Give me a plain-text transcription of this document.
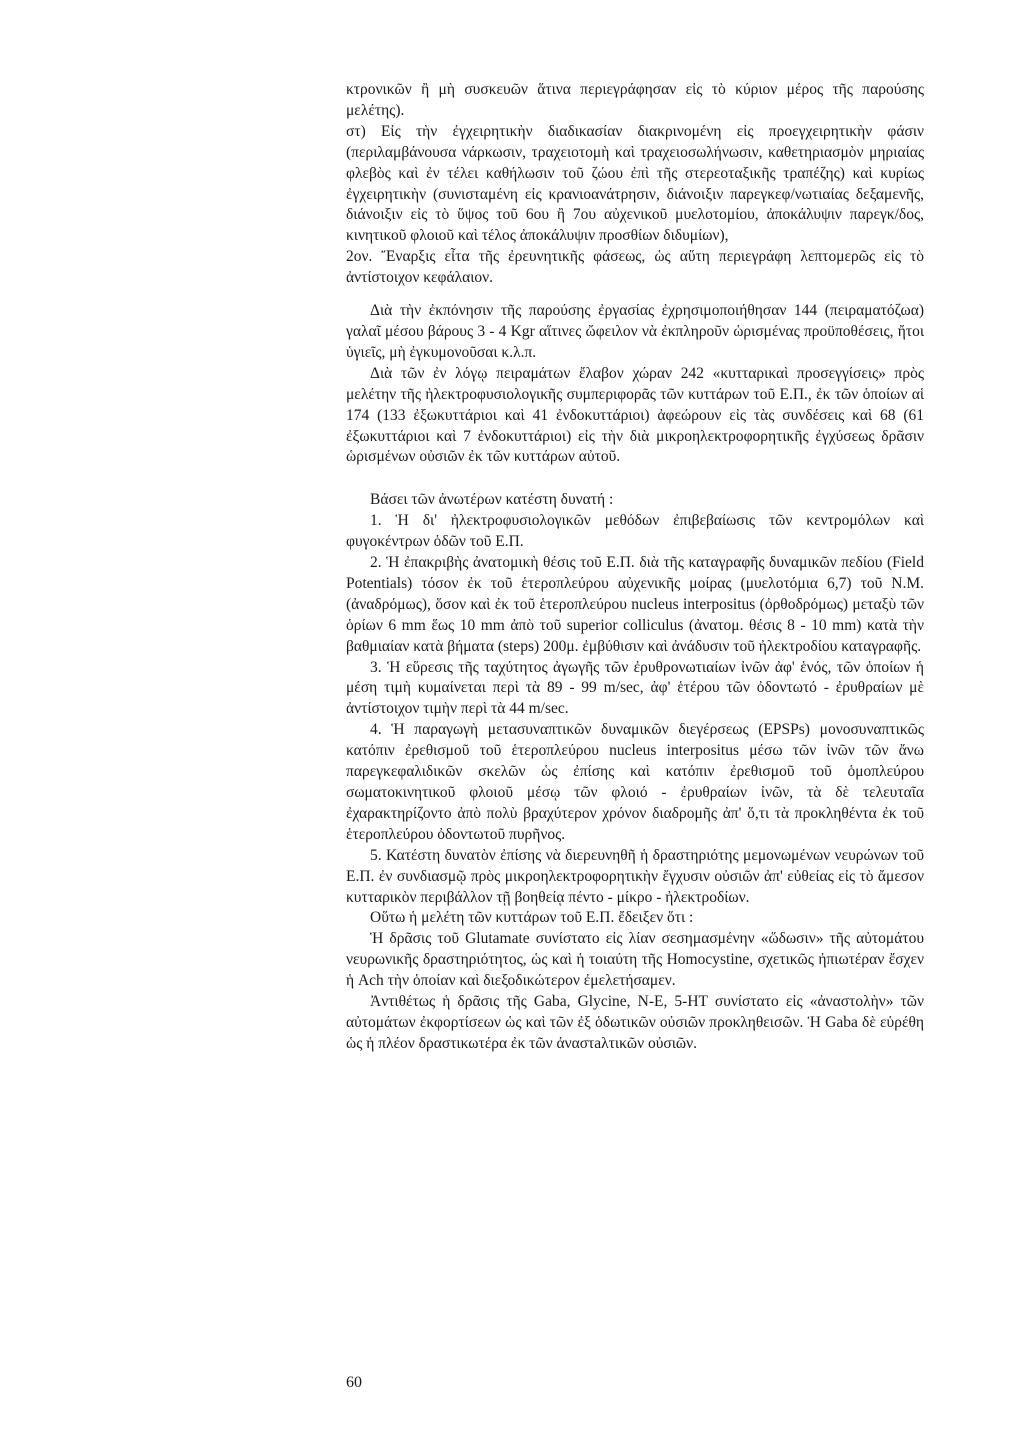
κτρονικῶν ἢ μὴ συσκευῶν ἅτινα περιεγράφησαν εἰς τὸ κύριον μέρος τῆς παρούσης μελέτης).

στ) Εἰς τὴν ἐγχειρητικὴν διαδικασίαν διακρινομένη εἰς προεγχειρητικὴν φάσιν (περιλαμβάνουσα νάρκωσιν, τραχειοτομὴ καὶ τραχειοσωλήνωσιν, καθετηριασμὸν μηριαίας φλεβὸς καὶ ἐν τέλει καθήλωσιν τοῦ ζώου ἐπὶ τῆς στερεοταξικῆς τραπέζης) καὶ κυρίως ἐγχειρητικὴν (συνισταμένη εἰς κρανιοανάτρησιν, διάνοιξιν παρεγκεφ/νωτιαίας δεξαμενῆς, διάνοιξιν εἰς τὸ ὕψος τοῦ 6ου ἢ 7ου αὐχενικοῦ μυελοτομίου, ἀποκάλυψιν παρεγκ/δος, κινητικοῦ φλοιοῦ καὶ τέλος ἀποκάλυψιν προσθίων διδυμίων),

2ον. Ἔναρξις εἶτα τῆς ἐρευνητικῆς φάσεως, ὡς αὕτη περιεγράφη λεπτομερῶς εἰς τὸ ἀντίστοιχον κεφάλαιον.

Διὰ τὴν ἐκπόνησιν τῆς παρούσης ἐργασίας ἐχρησιμοποιήθησαν 144 (πειραματόζωα) γαλαῖ μέσου βάρους 3 - 4 Kgr αἵτινες ὤφειλον νὰ ἐκπληροῦν ὡρισμένας προϋποθέσεις, ἤτοι ὑγιεῖς, μὴ ἐγκυμονοῦσαι κ.λ.π.

Διὰ τῶν ἐν λόγῳ πειραμάτων ἔλαβον χώραν 242 «κυτταρικαὶ προσεγγίσεις» πρὸς μελέτην τῆς ἠλεκτροφυσιολογικῆς συμπεριφορᾶς τῶν κυττάρων τοῦ Ε.Π., ἐκ τῶν ὁποίων αἱ 174 (133 ἐξωκυττάριοι καὶ 41 ἐνδοκυττάριοι) ἀφεώρουν εἰς τὰς συνδέσεις καὶ 68 (61 ἐξωκυττάριοι καὶ 7 ἐνδοκυττάριοι) εἰς τὴν διὰ μικροηλεκτροφορητικῆς ἐγχύσεως δρᾶσιν ὡρισμένων οὐσιῶν ἐκ τῶν κυττάρων αὐτοῦ.

Βάσει τῶν ἀνωτέρων κατέστη δυνατή :

1. Ἡ δι' ἠλεκτροφυσιολογικῶν μεθόδων ἐπιβεβαίωσις τῶν κεντρομόλων καὶ φυγοκέντρων ὁδῶν τοῦ Ε.Π.

2. Ἡ ἐπακριβὴς ἀνατομικὴ θέσις τοῦ Ε.Π. διὰ τῆς καταγραφῆς δυναμικῶν πεδίου (Field Potentials) τόσον ἐκ τοῦ ἑτεροπλεύρου αὐχενικῆς μοίρας (μυελοτόμια 6,7) τοῦ Ν.Μ. (ἀναδρόμως), ὅσον καὶ ἐκ τοῦ ἑτεροπλεύρου nucleus interpositus (ὀρθοδρόμως) μεταξὺ τῶν ὁρίων 6 mm ἕως 10 mm ἀπὸ τοῦ superior colliculus (ἀνατομ. θέσις 8 - 10 mm) κατὰ τὴν βαθμιαίαν κατὰ βήματα (steps) 200μ. ἐμβύθισιν καὶ ἀνάδυσιν τοῦ ἠλεκτροδίου καταγραφῆς.

3. Ἡ εὕρεσις τῆς ταχύτητος ἀγωγῆς τῶν ἐρυθρονωτιαίων ἰνῶν ἀφ' ἑνός, τῶν ὁποίων ἡ μέση τιμὴ κυμαίνεται περὶ τὰ 89 - 99 m/sec, ἀφ' ἑτέρου τῶν ὀδοντωτό - ἐρυθραίων μὲ ἀντίστοιχον τιμὴν περὶ τὰ 44 m/sec.

4. Ἡ παραγωγὴ μετασυναπτικῶν δυναμικῶν διεγέρσεως (EPSPs) μονοσυναπτικῶς κατόπιν ἐρεθισμοῦ τοῦ ἑτεροπλεύρου nucleus interpositus μέσω τῶν ἰνῶν τῶν ἄνω παρεγκεφαλιδικῶν σκελῶν ὡς ἐπίσης καὶ κατόπιν ἐρεθισμοῦ τοῦ ὁμοπλεύρου σωματοκινητικοῦ φλοιοῦ μέσῳ τῶν φλοιό - ἐρυθραίων ἰνῶν, τὰ δὲ τελευταῖα ἐχαρακτηρίζοντο ἀπὸ πολὺ βραχύτερον χρόνον διαδρομῆς ἀπ' ὅ,τι τὰ προκληθέντα ἐκ τοῦ ἑτεροπλεύρου ὀδοντωτοῦ πυρῆνος.

5. Κατέστη δυνατὸν ἐπίσης νὰ διερευνηθῆ ἡ δραστηριότης μεμονωμένων νευρώνων τοῦ Ε.Π. ἐν συνδιασμῷ πρὸς μικροηλεκτροφορητικὴν ἔγχυσιν οὐσιῶν ἀπ' εὐθείας εἰς τὸ ἄμεσον κυτταρικὸν περιβάλλον τῇ βοηθείᾳ πέντο - μίκρο - ἠλεκτροδίων.

Οὕτω ἡ μελέτη τῶν κυττάρων τοῦ Ε.Π. ἔδειξεν ὅτι :

Ἡ δρᾶσις τοῦ Glutamate συνίστατο εἰς λίαν σεσημασμένην «ὥδωσιν» τῆς αὐτομάτου νευρωνικῆς δραστηριότητος, ὡς καὶ ἡ τοιαύτη τῆς Homocystine, σχετικῶς ἠπιωτέραν ἔσχεν ἡ Ach τὴν ὁποίαν καὶ διεξοδικώτερον ἐμελετήσαμεν.

Ἀντιθέτως ἡ δρᾶσις τῆς Gaba, Glycine, N-E, 5-HT συνίστατο εἰς «ἀναστολὴν» τῶν αὐτομάτων ἐκφορτίσεων ὡς καὶ τῶν ἐξ ὁδωτικῶν οὐσιῶν προκληθεισῶν. Ἡ Gaba δὲ εὑρέθη ὡς ἡ πλέον δραστικωτέρα ἐκ τῶν ἀναστaλτικῶν οὐσιῶν.

60
